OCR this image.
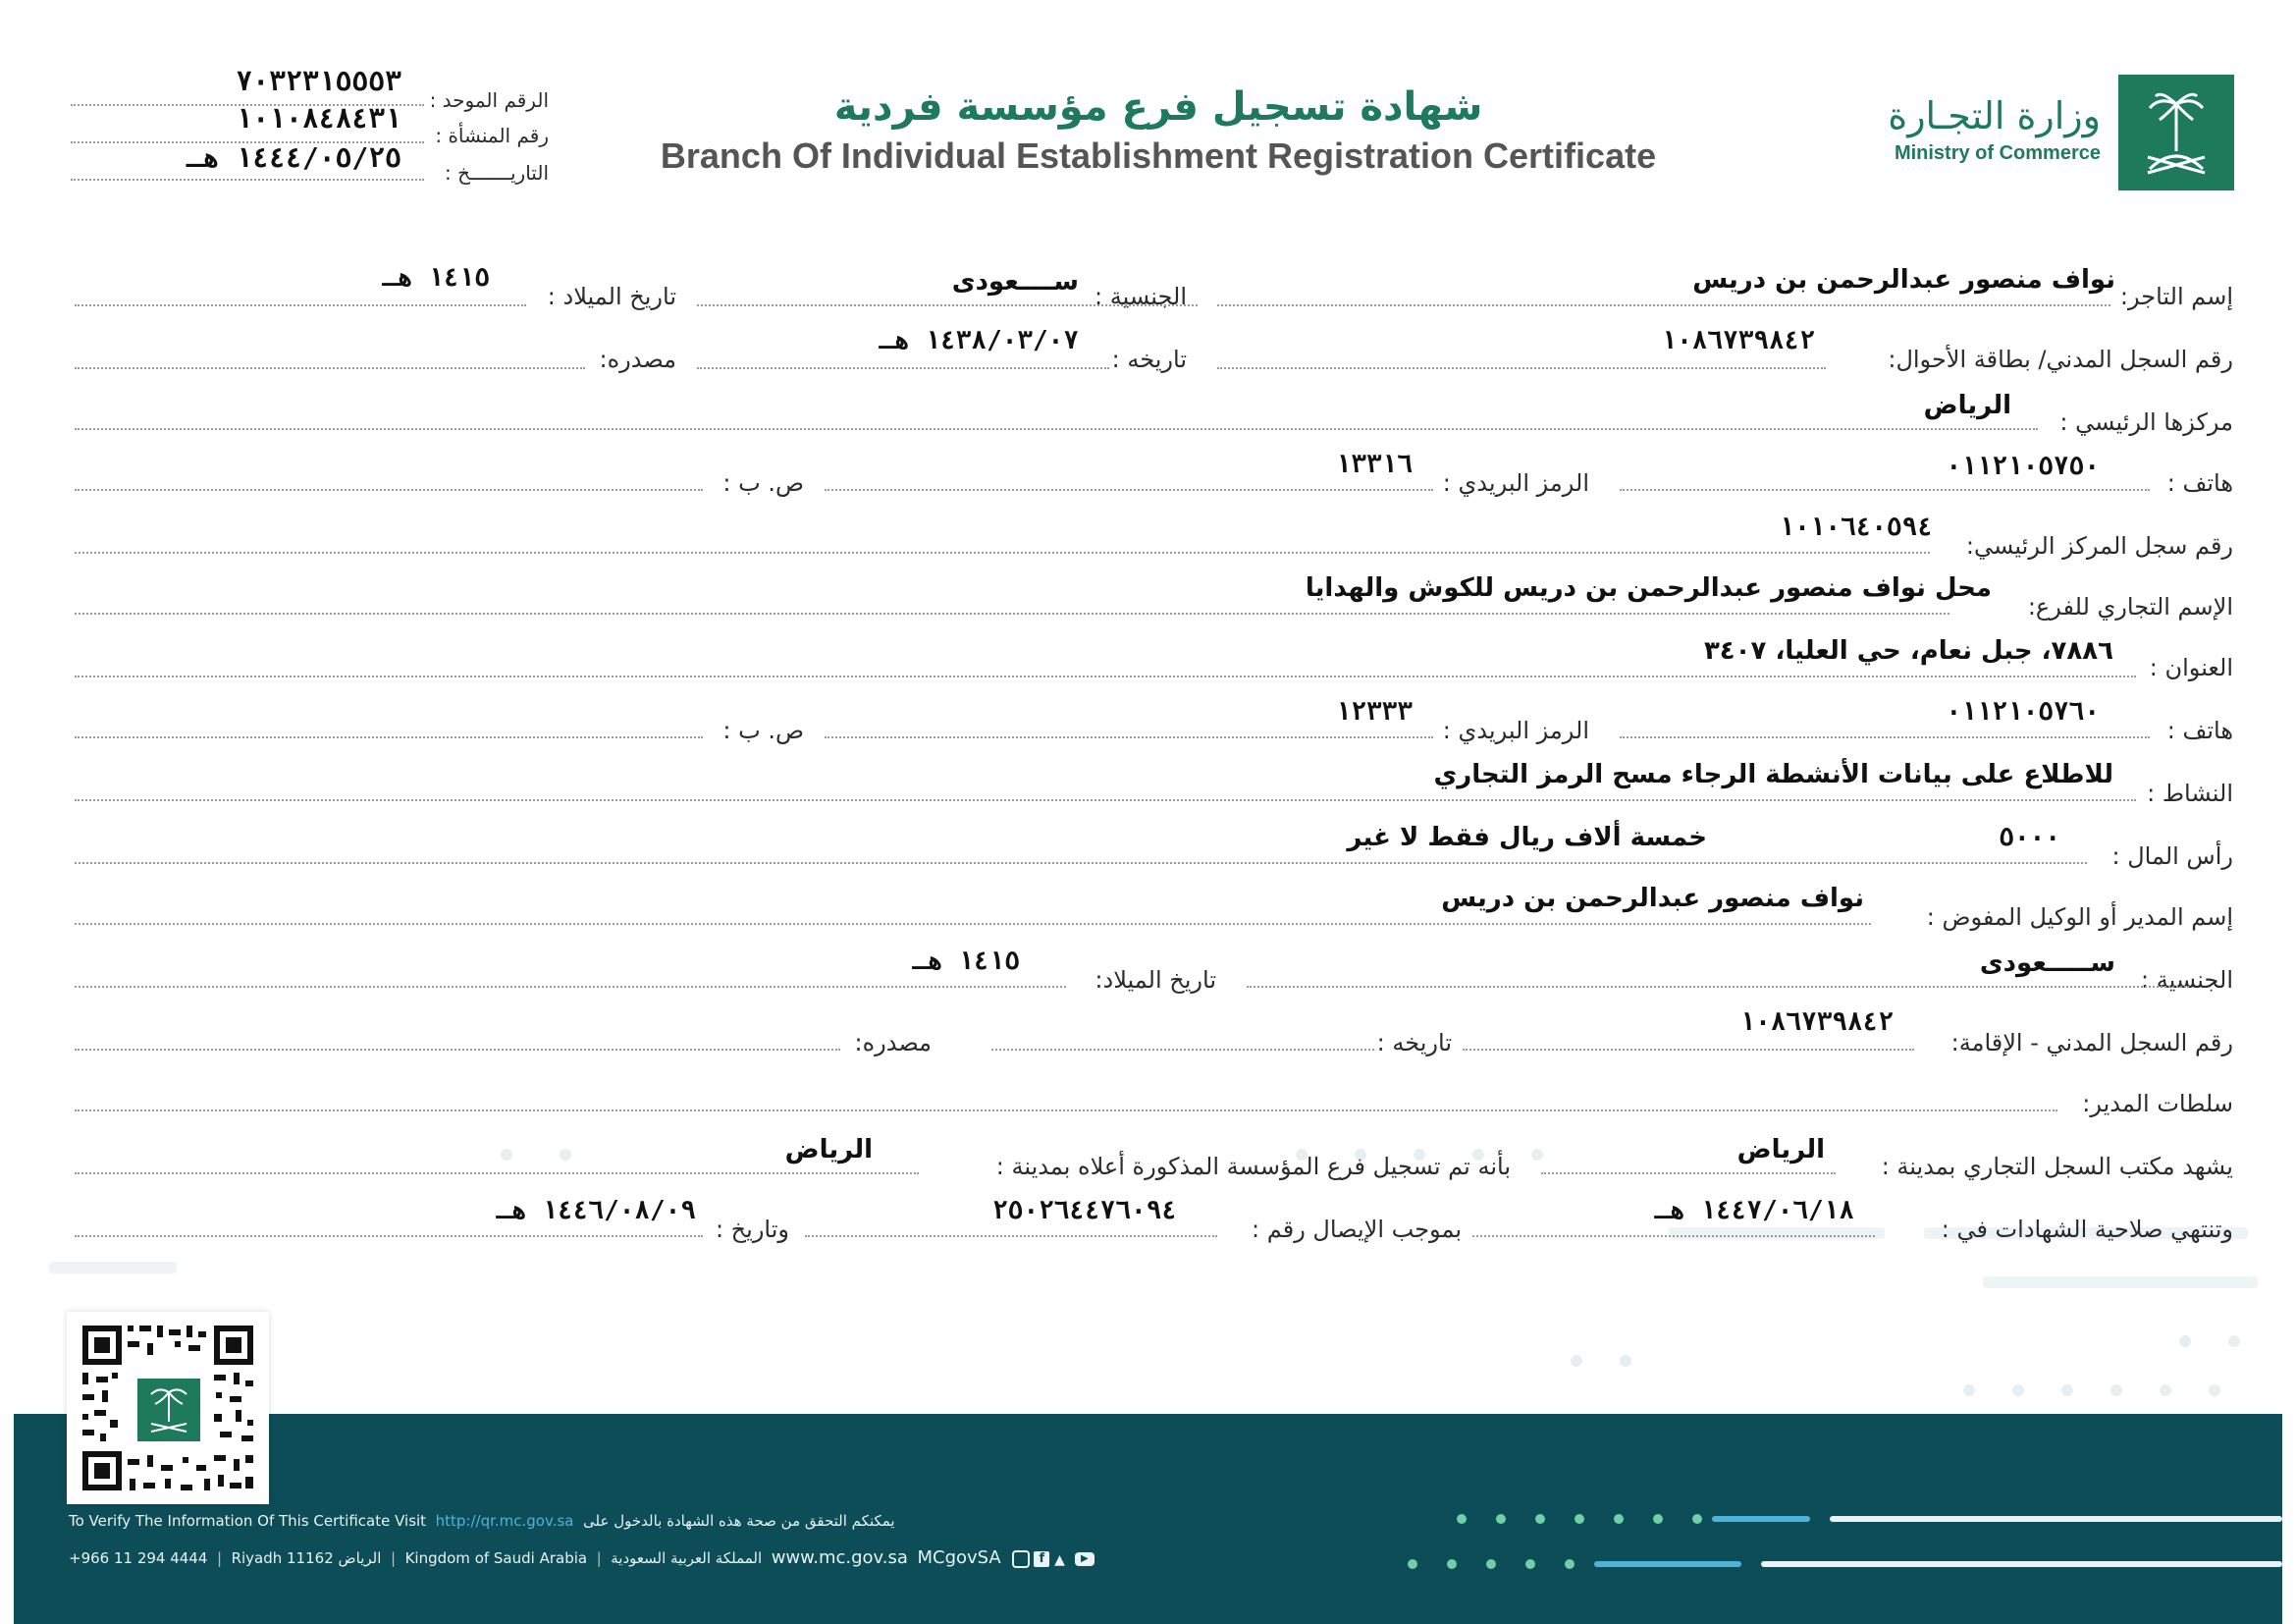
الرقم الموحد :
٧٠٣٢٣١٥٥٥٣
رقم المنشأة :
١٠١٠٨٤٨٤٣١
التاريـــــــخ :
١٤٤٤/٠٥/٢٥ هـ
شهادة تسجيل فرع مؤسسة فردية
Branch Of Individual Establishment Registration Certificate
وزارة التجـارة
Ministry of Commerce
إسم التاجر:
نواف منصور عبدالرحمن بن دريس
الجنسية :
ســــعودى
تاريخ الميلاد :
١٤١٥ هـ
رقم السجل المدني/ بطاقة الأحوال:
١٠٨٦٧٣٩٨٤٢
تاريخه :
١٤٣٨/٠٣/٠٧ هـ
مصدره:
مركزها الرئيسي :
الرياض
هاتف :
٠١١٢١٠٥٧٥٠
الرمز البريدي :
١٣٣١٦
ص. ب :
رقم سجل المركز الرئيسي:
١٠١٠٦٤٠٥٩٤
الإسم التجاري للفرع:
محل نواف منصور عبدالرحمن بن دريس للكوش والهدايا
العنوان :
٧٨٨٦، جبل نعام، حي العليا، ٣٤٠٧
هاتف :
٠١١٢١٠٥٧٦٠
الرمز البريدي :
١٢٣٣٣
ص. ب :
النشاط :
للاطلاع على بيانات الأنشطة الرجاء مسح الرمز التجاري
رأس المال :
٥٠٠٠
خمسة ألاف ريال فقط لا غير
إسم المدير أو الوكيل المفوض :
نواف منصور عبدالرحمن بن دريس
الجنسية :
ســـــعودى
تاريخ الميلاد:
١٤١٥ هـ
رقم السجل المدني - الإقامة:
١٠٨٦٧٣٩٨٤٢
تاريخه :
مصدره:
سلطات المدير:
يشهد مكتب السجل التجاري بمدينة :
الرياض
بأنه تم تسجيل فرع المؤسسة المذكورة أعلاه بمدينة :
الرياض
وتنتهي صلاحية الشهادات في :
١٤٤٧/٠٦/١٨ هـ
بموجب الإيصال رقم :
٢٥٠٢٦٤٤٧٦٠٩٤
وتاريخ :
١٤٤٦/٠٨/٠٩ هـ
To Verify The Information Of This Certificate Visit http://qr.mc.gov.sa يمكنكم التحقق من صحة هذه الشهادة بالدخول على
+966 11 294 4444  |  Riyadh 11162 الرياض  |  Kingdom of Saudi Arabia  |  المملكة العربية السعودية www.mc.gov.sa MCgovSA	f ▲ ▶
